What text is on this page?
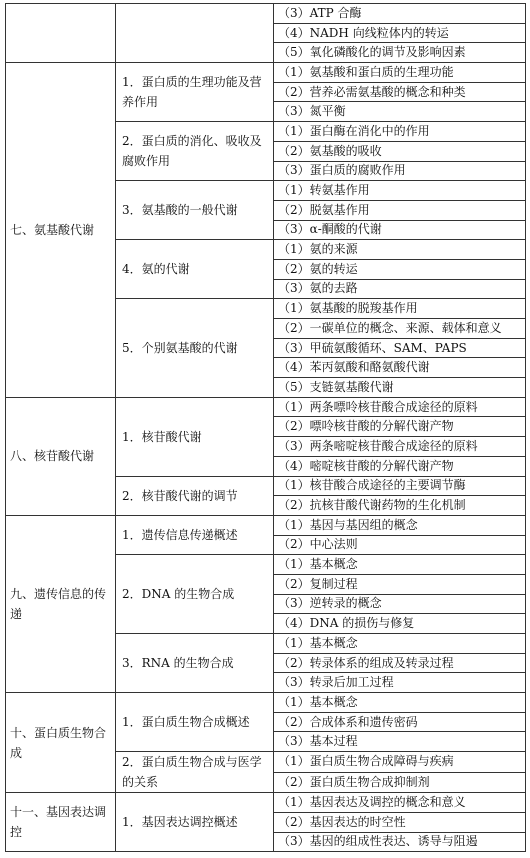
		（3）ATP 合酶
		（4）NADH 向线粒体内的转运
		（5）氧化磷酸化的调节及影响因素
七、氨基酸代谢	1．蛋白质的生理功能及营养作用	（1）氨基酸和蛋白质的生理功能
		（2）营养必需氨基酸的概念和种类
		（3）氮平衡
	2．蛋白质的消化、吸收及腐败作用	（1）蛋白酶在消化中的作用
		（2）氨基酸的吸收
		（3）蛋白质的腐败作用
	3．氨基酸的一般代谢	（1）转氨基作用
		（2）脱氨基作用
		（3）α-酮酸的代谢
	4．氨的代谢	（1）氨的来源
		（2）氨的转运
		（3）氨的去路
	5．个别氨基酸的代谢	（1）氨基酸的脱羧基作用
		（2）一碳单位的概念、来源、载体和意义
		（3）甲硫氨酸循环、SAM、PAPS
		（4）苯丙氨酸和酪氨酸代谢
		（5）支链氨基酸代谢
八、核苷酸代谢	1．核苷酸代谢	（1）两条嘌呤核苷酸合成途径的原料
		（2）嘌呤核苷酸的分解代谢产物
		（3）两条嘧啶核苷酸合成途径的原料
		（4）嘧啶核苷酸的分解代谢产物
	2．核苷酸代谢的调节	（1）核苷酸合成途径的主要调节酶
		（2）抗核苷酸代谢药物的生化机制
九、遗传信息的传递	1．遗传信息传递概述	（1）基因与基因组的概念
		（2）中心法则
	2．DNA 的生物合成	（1）基本概念
		（2）复制过程
		（3）逆转录的概念
		（4）DNA 的损伤与修复
	3．RNA 的生物合成	（1）基本概念
		（2）转录体系的组成及转录过程
		（3）转录后加工过程
十、蛋白质生物合成	1．蛋白质生物合成概述	（1）基本概念
		（2）合成体系和遗传密码
		（3）基本过程
	2．蛋白质生物合成与医学的关系	（1）蛋白质生物合成障碍与疾病
		（2）蛋白质生物合成抑制剂
十一、基因表达调控	1．基因表达调控概述	（1）基因表达及调控的概念和意义
		（2）基因表达的时空性
		（3）基因的组成性表达、诱导与阻遏
